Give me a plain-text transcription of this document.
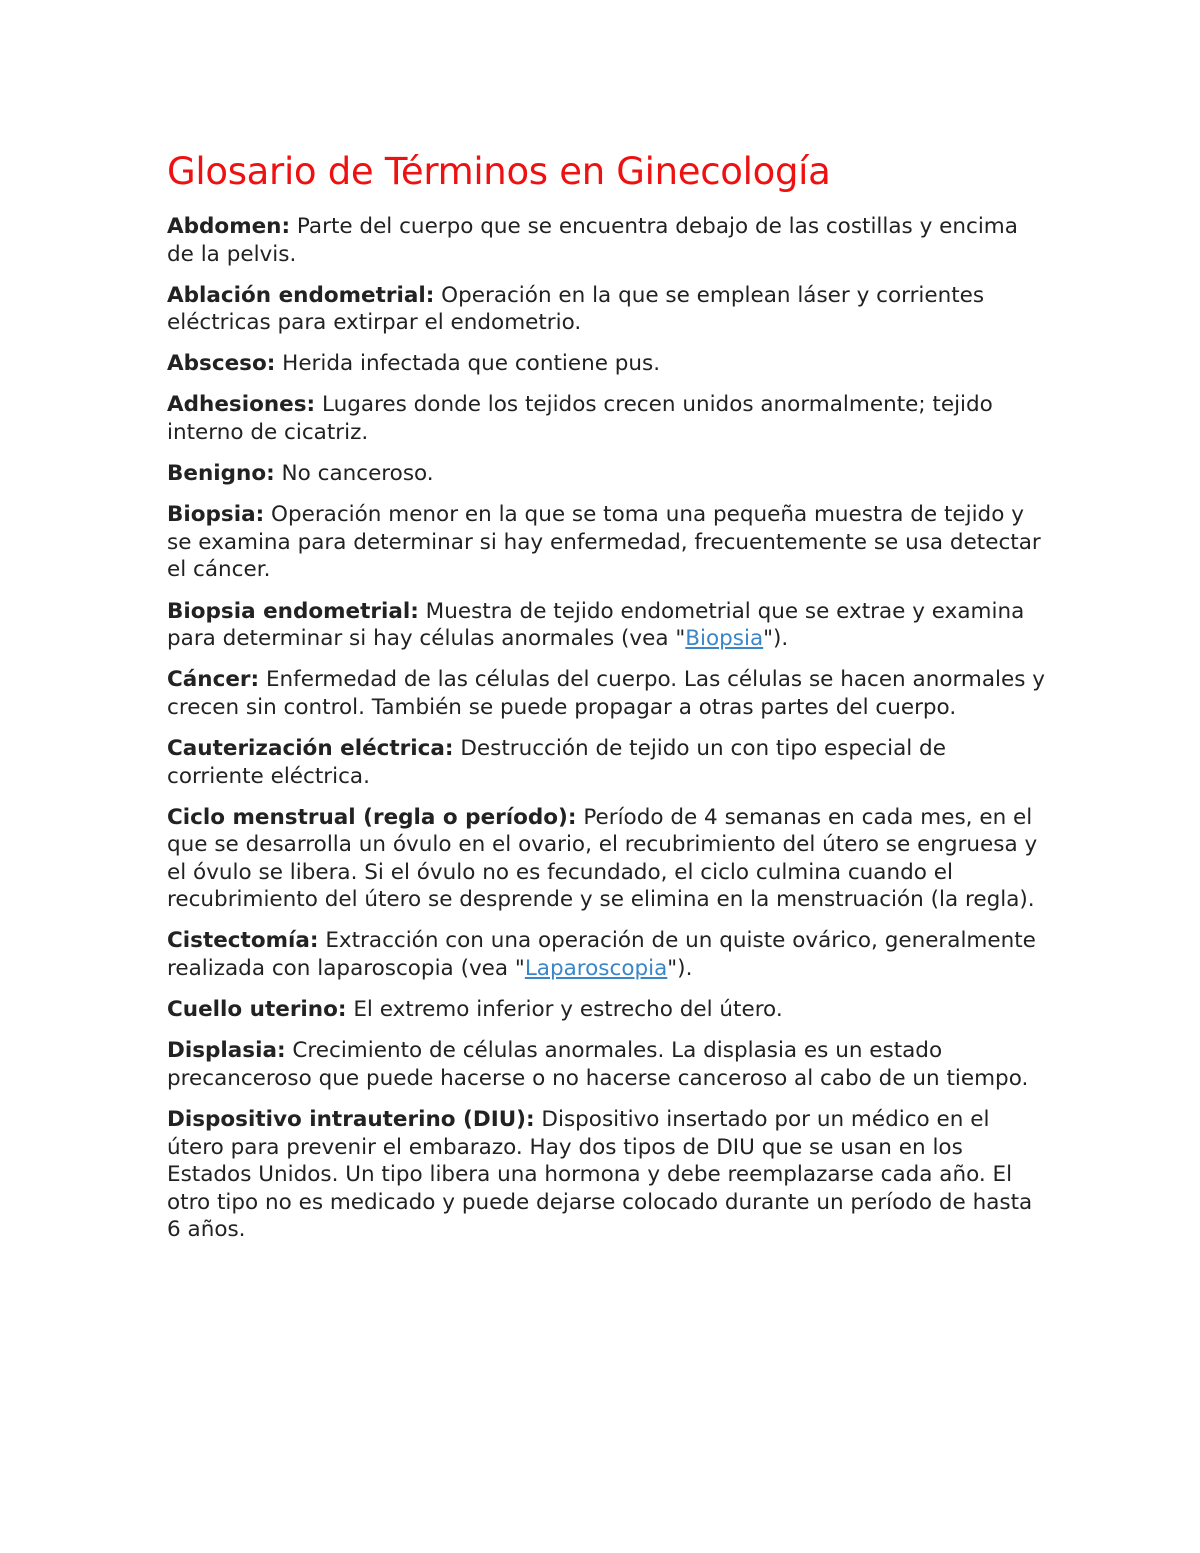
Glosario de Términos en Ginecología

Abdomen: Parte del cuerpo que se encuentra debajo de las costillas y encima de la pelvis.

Ablación endometrial: Operación en la que se emplean láser y corrientes eléctricas para extirpar el endometrio.

Absceso: Herida infectada que contiene pus.

Adhesiones: Lugares donde los tejidos crecen unidos anormalmente; tejido interno de cicatriz.

Benigno: No canceroso.

Biopsia: Operación menor en la que se toma una pequeña muestra de tejido y se examina para determinar si hay enfermedad, frecuentemente se usa detectar el cáncer.

Biopsia endometrial: Muestra de tejido endometrial que se extrae y examina para determinar si hay células anormales (vea "Biopsia").

Cáncer: Enfermedad de las células del cuerpo. Las células se hacen anormales y crecen sin control. También se puede propagar a otras partes del cuerpo.

Cauterización eléctrica: Destrucción de tejido un con tipo especial de corriente eléctrica.

Ciclo menstrual (regla o período): Período de 4 semanas en cada mes, en el que se desarrolla un óvulo en el ovario, el recubrimiento del útero se engruesa y el óvulo se libera. Si el óvulo no es fecundado, el ciclo culmina cuando el recubrimiento del útero se desprende y se elimina en la menstruación (la regla).

Cistectomía: Extracción con una operación de un quiste ovárico, generalmente realizada con laparoscopia (vea "Laparoscopia").

Cuello uterino: El extremo inferior y estrecho del útero.

Displasia: Crecimiento de células anormales. La displasia es un estado precanceroso que puede hacerse o no hacerse canceroso al cabo de un tiempo.

Dispositivo intrauterino (DIU): Dispositivo insertado por un médico en el útero para prevenir el embarazo. Hay dos tipos de DIU que se usan en los Estados Unidos. Un tipo libera una hormona y debe reemplazarse cada año. El otro tipo no es medicado y puede dejarse colocado durante un período de hasta 6 años.
